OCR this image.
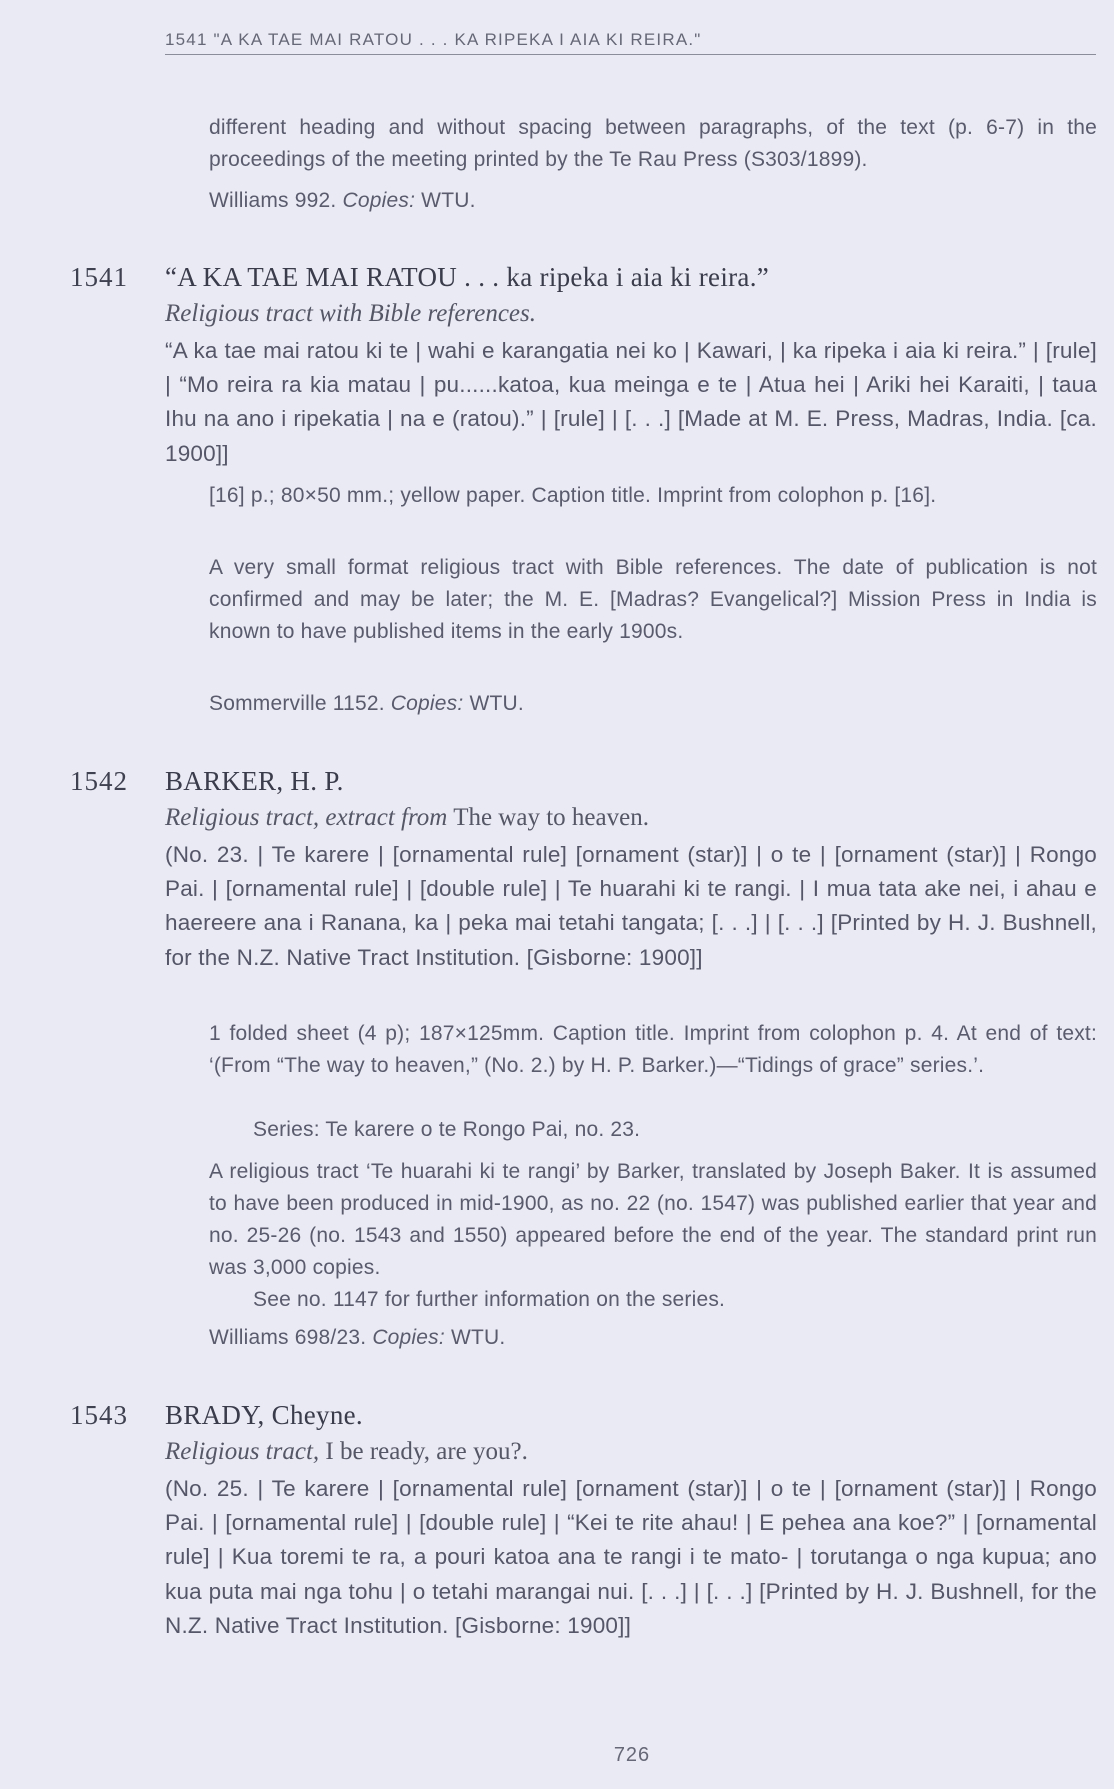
1541 "A KA TAE MAI RATOU . . . KA RIPEKA I AIA KI REIRA."
different heading and without spacing between paragraphs, of the text (p. 6-7) in the proceedings of the meeting printed by the Te Rau Press (S303/1899).
Williams 992. Copies: WTU.
1541 “A KA TAE MAI RATOU . . . ka ripeka i aia ki reira.”
Religious tract with Bible references.
“A ka tae mai ratou ki te | wahi e karangatia nei ko | Kawari, | ka ripeka i aia ki reira.” | [rule] | “Mo reira ra kia matau | pu......katoa, kua meinga e te | Atua hei | Ariki hei Karaiti, | taua Ihu na ano i ripekatia | na e (ratou).” | [rule] | [. . .] [Made at M. E. Press, Madras, India. [ca. 1900]]
[16] p.; 80×50 mm.; yellow paper. Caption title. Imprint from colophon p. [16].
A very small format religious tract with Bible references. The date of publication is not confirmed and may be later; the M. E. [Madras? Evangelical?] Mission Press in India is known to have published items in the early 1900s.
Sommerville 1152. Copies: WTU.
1542 BARKER, H. P.
Religious tract, extract from The way to heaven.
(No. 23. | Te karere | [ornamental rule] [ornament (star)] | o te | [ornament (star)] | Rongo Pai. | [ornamental rule] | [double rule] | Te huarahi ki te rangi. | I mua tata ake nei, i ahau e haereere ana i Ranana, ka | peka mai tetahi tangata; [. . .] | [. . .] [Printed by H. J. Bushnell, for the N.Z. Native Tract Institution. [Gisborne: 1900]]
1 folded sheet (4 p); 187×125mm. Caption title. Imprint from colophon p. 4. At end of text: ‘(From “The way to heaven,” (No. 2.) by H. P. Barker.)—“Tidings of grace” series.’.
Series: Te karere o te Rongo Pai, no. 23.
A religious tract ‘Te huarahi ki te rangi’ by Barker, translated by Joseph Baker. It is assumed to have been produced in mid-1900, as no. 22 (no. 1547) was published earlier that year and no. 25-26 (no. 1543 and 1550) appeared before the end of the year. The standard print run was 3,000 copies.
See no. 1147 for further information on the series.
Williams 698/23. Copies: WTU.
1543 BRADY, Cheyne.
Religious tract, I be ready, are you?.
(No. 25. | Te karere | [ornamental rule] [ornament (star)] | o te | [ornament (star)] | Rongo Pai. | [ornamental rule] | [double rule] | “Kei te rite ahau! | E pehea ana koe?” | [ornamental rule] | Kua toremi te ra, a pouri katoa ana te rangi i te mato- | torutanga o nga kupua; ano kua puta mai nga tohu | o tetahi marangai nui. [. . .] | [. . .] [Printed by H. J. Bushnell, for the N.Z. Native Tract Institution. [Gisborne: 1900]]
726
